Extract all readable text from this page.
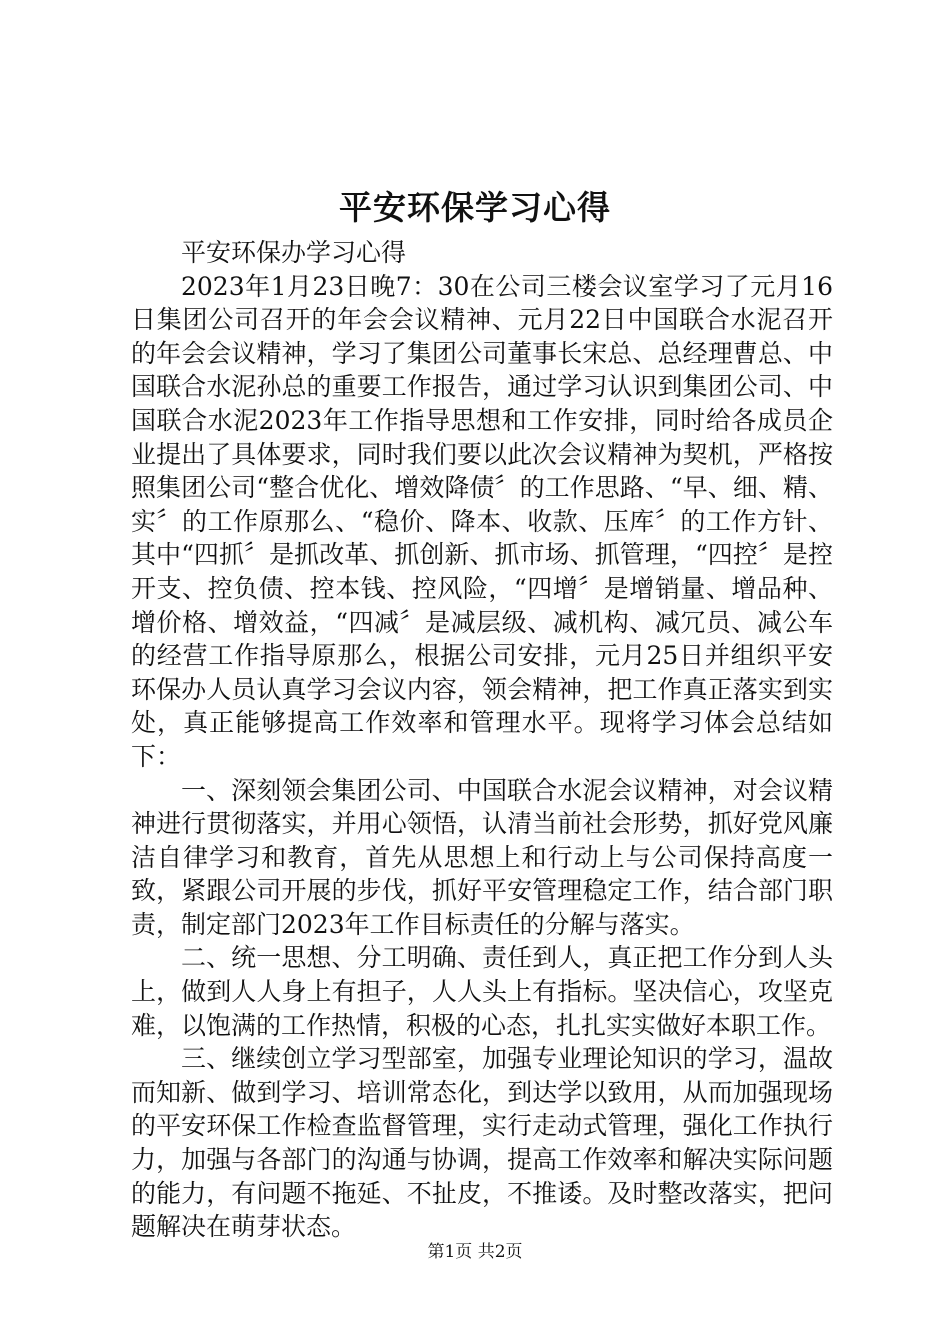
平安环保学习心得

平安环保办学习心得

2023年1月23日晚7：30在公司三楼会议室学习了元月16日集团公司召开的年会会议精神、元月22日中国联合水泥召开的年会会议精神，学习了集团公司董事长宋总、总经理曹总、中国联合水泥孙总的重要工作报告，通过学习认识到集团公司、中国联合水泥2023年工作指导思想和工作安排，同时给各成员企业提出了具体要求，同时我们要以此次会议精神为契机，严格按照集团公司“整合优化、增效降债〞的工作思路、“早、细、精、实〞的工作原那么、“稳价、降本、收款、压库〞的工作方针、其中“四抓〞是抓改革、抓创新、抓市场、抓管理，“四控〞是控开支、控负债、控本钱、控风险，“四增〞是增销量、增品种、增价格、增效益，“四减〞是减层级、减机构、减冗员、减公车的经营工作指导原那么，根据公司安排，元月25日并组织平安环保办人员认真学习会议内容，领会精神，把工作真正落实到实处，真正能够提高工作效率和管理水平。现将学习体会总结如下：

一、深刻领会集团公司、中国联合水泥会议精神，对会议精神进行贯彻落实，并用心领悟，认清当前社会形势，抓好党风廉洁自律学习和教育，首先从思想上和行动上与公司保持高度一致，紧跟公司开展的步伐，抓好平安管理稳定工作，结合部门职责，制定部门2023年工作目标责任的分解与落实。

二、统一思想、分工明确、责任到人，真正把工作分到人头上，做到人人身上有担子，人人头上有指标。坚决信心，攻坚克难，以饱满的工作热情，积极的心态，扎扎实实做好本职工作。

三、继续创立学习型部室，加强专业理论知识的学习，温故而知新、做到学习、培训常态化，到达学以致用，从而加强现场的平安环保工作检查监督管理，实行走动式管理，强化工作执行力，加强与各部门的沟通与协调，提高工作效率和解决实际问题的能力，有问题不拖延、不扯皮，不推诿。及时整改落实，把问题解决在萌芽状态。

第1页 共2页
